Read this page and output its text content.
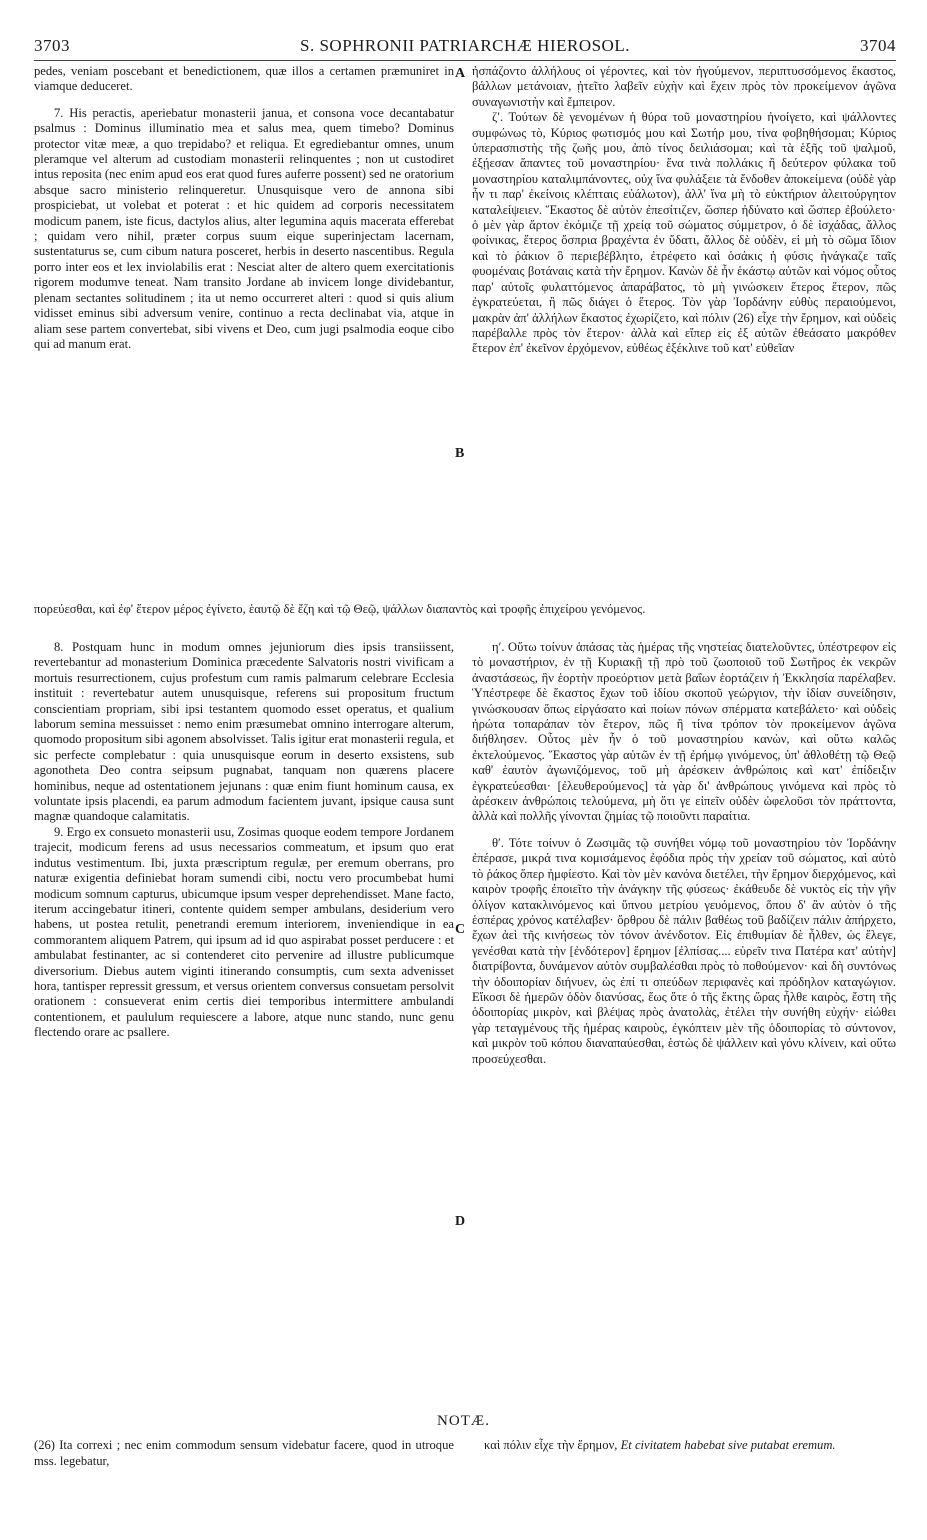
3703	S. SOPHRONII PATRIARCHÆ HIEROSOL.	3704

pedes, veniam poscebant et benedictionem, quæ illos a certamen præmuniret in viamque deduceret.

7. His peractis, aperiebatur monasterii janua, et consona voce decantabatur psalmus : Dominus illuminatio mea et salus mea, quem timebo? Dominus protector vitæ meæ, a quo trepidabo? et reliqua. Et egrediebantur omnes, unum pleramque vel alterum ad custodiam monasterii relinquentes ; non ut custodiret intus reposita (nec enim apud eos erat quod fures auferre possent) sed ne oratorium absque sacro ministerio relinqueretur. Unusquisque vero de annona sibi prospiciebat, ut volebat et poterat : et hic quidem ad corporis necessitatem modicum panem, iste ficus, dactylos alius, alter legumina aquis macerata efferebat ; quidam vero nihil, præter corpus suum eique superinjectam lacernam, sustentaturus se, cum cibum natura posceret, herbis in deserto nascentibus. Regula porro inter eos et lex inviolabilis erat : Nesciat alter de altero quem exercitationis rigorem modumve teneat. Nam transito Jordane ab invicem longe dividebantur, plenam sectantes solitudinem ; ita ut nemo occurreret alteri : quod si quis alium vidisset eminus sibi adversum venire, continuo a recta declinabat via, atque in aliam sese partem convertebat, sibi vivens et Deo, cum jugi psalmodia eoque cibo qui ad manum erat.

ἠσπάζοντο ἀλλήλους οἱ γέροντες, καὶ τὸν ἡγούμενον, περιπτυσσόμενος ἕκαστος, βάλλων μετάνοιαν, ᾐτεῖτο λαβεῖν εὐχὴν καὶ ἔχειν πρὸς τὸν προκείμενον ἀγῶνα συναγωνιστὴν καὶ ἔμπειρον.

ζʹ. Τούτων δὲ γενομένων ἡ θύρα τοῦ μοναστηρίου ἠνοίγετο, καὶ ψάλλοντες συμφώνως τὸ, Κύριος φωτισμός μου καὶ Σωτήρ μου, τίνα φοβηθήσομαι; Κύριος ὑπερασπιστὴς τῆς ζωῆς μου, ἀπὸ τίνος δειλιάσομαι; καὶ τὰ ἑξῆς τοῦ ψαλμοῦ, ἐξῄεσαν ἅπαντες τοῦ μοναστηρίου· ἕνα τινὰ πολλάκις ἢ δεύτερον φύλακα τοῦ μοναστηρίου καταλιμπάνοντες, οὐχ ἵνα φυλάξειε τὰ ἔνδοθεν ἀποκείμενα (οὐδὲ γὰρ ἦν τι παρ' ἐκείνοις κλέπταις εὐάλωτον), ἀλλ' ἵνα μὴ τὸ εὐκτήριον ἀλειτούργητον καταλείψειεν. Ἕκαστος δὲ αὐτὸν ἐπεσίτιζεν, ὥσπερ ἠδύνατο καὶ ὥσπερ ἐβούλετο· ὁ μὲν γὰρ ἄρτον ἐκόμιζε τῇ χρείᾳ τοῦ σώματος σύμμετρον, ὁ δὲ ἰσχάδας, ἄλλος φοίνικας, ἕτερος ὄσπρια βραχέντα ἐν ὕδατι, ἄλλος δὲ οὐδὲν, εἰ μὴ τὸ σῶμα ἴδιον καὶ τὸ ῥάκιον ὃ περιεβέβλητο, ἐτρέφετο καὶ ὁσάκις ἡ φύσις ἠνάγκαζε ταῖς φυομέναις βοτάναις κατὰ τὴν ἔρημον. Κανὼν δὲ ἦν ἑκάστῳ αὐτῶν καὶ νόμος οὗτος παρ' αὐτοῖς φυλαττόμενος ἀπαράβατος, τὸ μὴ γινώσκειν ἕτερος ἕτερον, πῶς ἐγκρατεύεται, ἢ πῶς διάγει ὁ ἕτερος. Τὸν γὰρ Ἰορδάνην εὐθὺς περαιούμενοι, μακρὰν ἀπ' ἀλλήλων ἕκαστος ἐχωρίζετο, καὶ πόλιν (26) εἶχε τὴν ἔρημον, καὶ οὐδεὶς παρέβαλλε πρὸς τὸν ἕτερον· ἀλλὰ καὶ εἴπερ εἰς ἐξ αὐτῶν ἐθεάσατο μακρόθεν ἕτερον ἐπ' ἐκεῖνον ἐρχόμενον, εὐθέως ἐξέκλινε τοῦ κατ' εὐθεῖαν

πορεύεσθαι, καὶ ἐφ' ἕτερον μέρος ἐγίνετο, ἑαυτῷ δὲ ἔζη καὶ τῷ Θεῷ, ψάλλων διαπαντὸς καὶ τροφῆς ἐπιχείρου γενόμενος.

8. Postquam hunc in modum omnes jejuniorum dies ipsis transiissent, revertebantur ad monasterium Dominica præcedente Salvatoris nostri vivificam a mortuis resurrectionem, cujus profestum cum ramis palmarum celebrare Ecclesia instituit : revertebatur autem unusquisque, referens sui propositum fructum conscientiam propriam, sibi ipsi testantem quomodo esset operatus, et qualium laborum semina messuisset : nemo enim præsumebat omnino interrogare alterum, quomodo propositum sibi agonem absolvisset. Talis igitur erat monasterii regula, et sic perfecte complebatur : quia unusquisque eorum in deserto exsistens, sub agonotheta Deo contra seipsum pugnabat, tanquam non quærens placere hominibus, neque ad ostentationem jejunans : quæ enim fiunt hominum causa, ex voluntate ipsis placendi, ea parum admodum facientem juvant, ipsique causa sunt magnæ quandoque calamitatis.

9. Ergo ex consueto monasterii usu, Zosimas quoque eodem tempore Jordanem trajecit, modicum ferens ad usus necessarios commeatum, et ipsum quo erat indutus vestimentum. Ibi, juxta præscriptum regulæ, per eremum oberrans, pro naturæ exigentia definiebat horam sumendi cibi, noctu vero procumbebat humi modicum somnum capturus, ubicumque ipsum vesper deprehendisset. Mane facto, iterum accingebatur itineri, contente quidem semper ambulans, desiderium vero habens, ut postea retulit, penetrandi eremum interiorem, inveniendique in ea commorantem aliquem Patrem, qui ipsum ad id quo aspirabat posset perducere : et ambulabat festinanter, ac si contenderet cito pervenire ad illustre publicumque diversorium. Diebus autem viginti itinerando consumptis, cum sexta advenisset hora, tantisper repressit gressum, et versus orientem conversus consuetam persolvit orationem : consueverat enim certis diei temporibus intermittere ambulandi contentionem, et paululum requiescere a labore, atque nunc stando, nunc genu flectendo orare ac psallere.

ηʹ. Οὕτω τοίνυν ἁπάσας τὰς ἡμέρας τῆς νηστείας διατελοῦντες, ὑπέστρεφον εἰς τὸ μοναστήριον, ἐν τῇ Κυριακῇ τῇ πρὸ τοῦ ζωοποιοῦ τοῦ Σωτῆρος ἐκ νεκρῶν ἀναστάσεως, ἣν ἑορτὴν προεόρτιον μετὰ βαΐων ἑορτάζειν ἡ Ἐκκλησία παρέλαβεν. Ὑπέστρεφε δὲ ἕκαστος ἔχων τοῦ ἰδίου σκοποῦ γεώργιον, τὴν ἰδίαν συνείδησιν, γινώσκουσαν ὅπως εἰργάσατο καὶ ποίων πόνων σπέρματα κατεβάλετο· καὶ οὐδεὶς ἠρώτα τοπαράπαν τὸν ἕτερον, πῶς ἢ τίνα τρόπον τὸν προκείμενον ἀγῶνα διήθλησεν. Οὗτος μὲν ἦν ὁ τοῦ μοναστηρίου κανὼν, καὶ οὕτω καλῶς ἐκτελούμενος. Ἕκαστος γὰρ αὐτῶν ἐν τῇ ἐρήμῳ γινόμενος, ὑπ' ἀθλοθέτῃ τῷ Θεῷ καθ' ἑαυτὸν ἀγωνιζόμενος, τοῦ μὴ ἀρέσκειν ἀνθρώποις καὶ κατ' ἐπίδειξιν ἐγκρατεύεσθαι· [ἐλευθερούμενος] τὰ γὰρ δι' ἀνθρώπους γινόμενα καὶ πρὸς τὸ ἀρέσκειν ἀνθρώποις τελούμενα, μὴ ὅτι γε εἰπεῖν οὐδὲν ὠφελοῦσι τὸν πράττοντα, ἀλλὰ καὶ πολλῆς γίνονται ζημίας τῷ ποιοῦντι παραίτια.

θʹ. Τότε τοίνυν ὁ Ζωσιμᾶς τῷ συνήθει νόμῳ τοῦ μοναστηρίου τὸν Ἰορδάνην ἐπέρασε, μικρά τινα κομισάμενος ἐφόδια πρὸς τὴν χρείαν τοῦ σώματος, καὶ αὐτὸ τὸ ῥάκος ὅπερ ἠμφίεστο. Καὶ τὸν μὲν κανόνα διετέλει, τὴν ἔρημον διερχόμενος, καὶ καιρὸν τροφῆς ἐποιεῖτο τὴν ἀνάγκην τῆς φύσεως· ἐκάθευδε δὲ νυκτὸς εἰς τὴν γῆν ὀλίγον κατακλινόμενος καὶ ὕπνου μετρίου γευόμενος, ὅπου δ' ἂν αὐτὸν ὁ τῆς ἑσπέρας χρόνος κατέλαβεν· ὄρθρου δὲ πάλιν βαθέως τοῦ βαδίζειν πάλιν ἀπήρχετο, ἔχων ἀεὶ τῆς κινήσεως τὸν τόνον ἀνένδοτον. Εἰς ἐπιθυμίαν δὲ ἦλθεν, ὡς ἔλεγε, γενέσθαι κατὰ τὴν [ἐνδότερον] ἔρημον [ἐλπίσας.... εὑρεῖν τινα Πατέρα κατ' αὐτὴν] διατρίβοντα, δυνάμενον αὐτὸν συμβαλέσθαι πρὸς τὸ ποθούμενον· καὶ δὴ συντόνως τὴν ὁδοιπορίαν διήνυεν, ὡς ἐπί τι σπεύδων περιφανὲς καὶ πρόδηλον καταγώγιον. Εἴκοσι δὲ ἡμερῶν ὁδὸν διανύσας, ἕως ὅτε ὁ τῆς ἕκτης ὥρας ἦλθε καιρὸς, ἔστη τῆς ὁδοιπορίας μικρὸν, καὶ βλέψας πρὸς ἀνατολὰς, ἐτέλει τὴν συνήθη εὐχήν· εἰώθει γὰρ τεταγμένους τῆς ἡμέρας καιροὺς, ἐγκόπτειν μὲν τῆς ὁδοιπορίας τὸ σύντονον, καὶ μικρὸν τοῦ κόπου διαναπαύεσθαι, ἑστὼς δὲ ψάλλειν καὶ γόνυ κλίνειν, καὶ οὕτω προσεύχεσθαι.

A
B
C
D
NOTÆ.
(26) Ita correxi ; nec enim commodum sensum videbatur facere, quod in utroque mss. legebatur,
καὶ πόλιν εἶχε τὴν ἔρημον, Et civitatem habebat sive putabat eremum.
